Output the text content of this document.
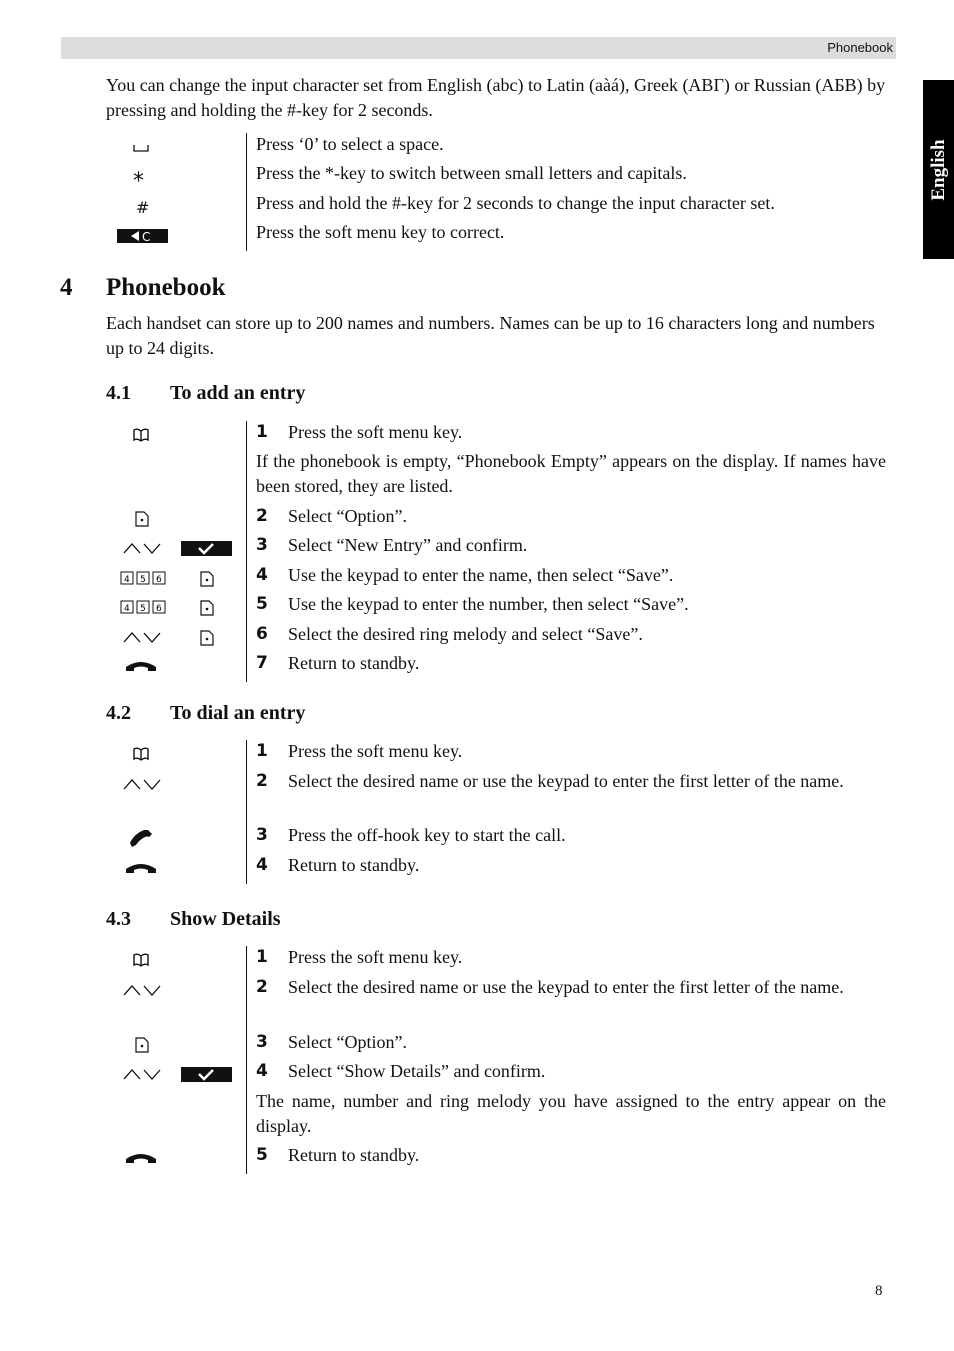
Phonebook
English
You can change the input character set from English (abc) to Latin (aàá), Greek (ΑΒΓ) or Russian (АБВ) by pressing and holding the #-key for 2 seconds.
⁎
#
C
Press ‘0’ to select a space.
Press the *-key to switch between small letters and capitals.
Press and hold the #-key for 2 seconds to change the input character set.
Press the soft menu key to correct.
4 Phonebook
Each handset can store up to 200 names and numbers. Names can be up to 16 characters long and numbers up to 24 digits.
4.1 To add an entry
4 5 6
4 5 6
1 Press the soft menu key.
If the phonebook is empty, “Phonebook Empty” appears on the display. If names have been stored, they are listed.
2 Select “Option”.
3 Select “New Entry” and confirm.
4 Use the keypad to enter the name, then select “Save”.
5 Use the keypad to enter the number, then select “Save”.
6 Select the desired ring melody and select “Save”.
7 Return to standby.
4.2 To dial an entry
1 Press the soft menu key.
2 Select the desired name or use the keypad to enter the first letter of the name.
3 Press the off-hook key to start the call.
4 Return to standby.
4.3 Show Details
1 Press the soft menu key.
2 Select the desired name or use the keypad to enter the first letter of the name.
3 Select “Option”.
4 Select “Show Details” and confirm.
The name, number and ring melody you have assigned to the entry appear on the display.
5 Return to standby.
8
